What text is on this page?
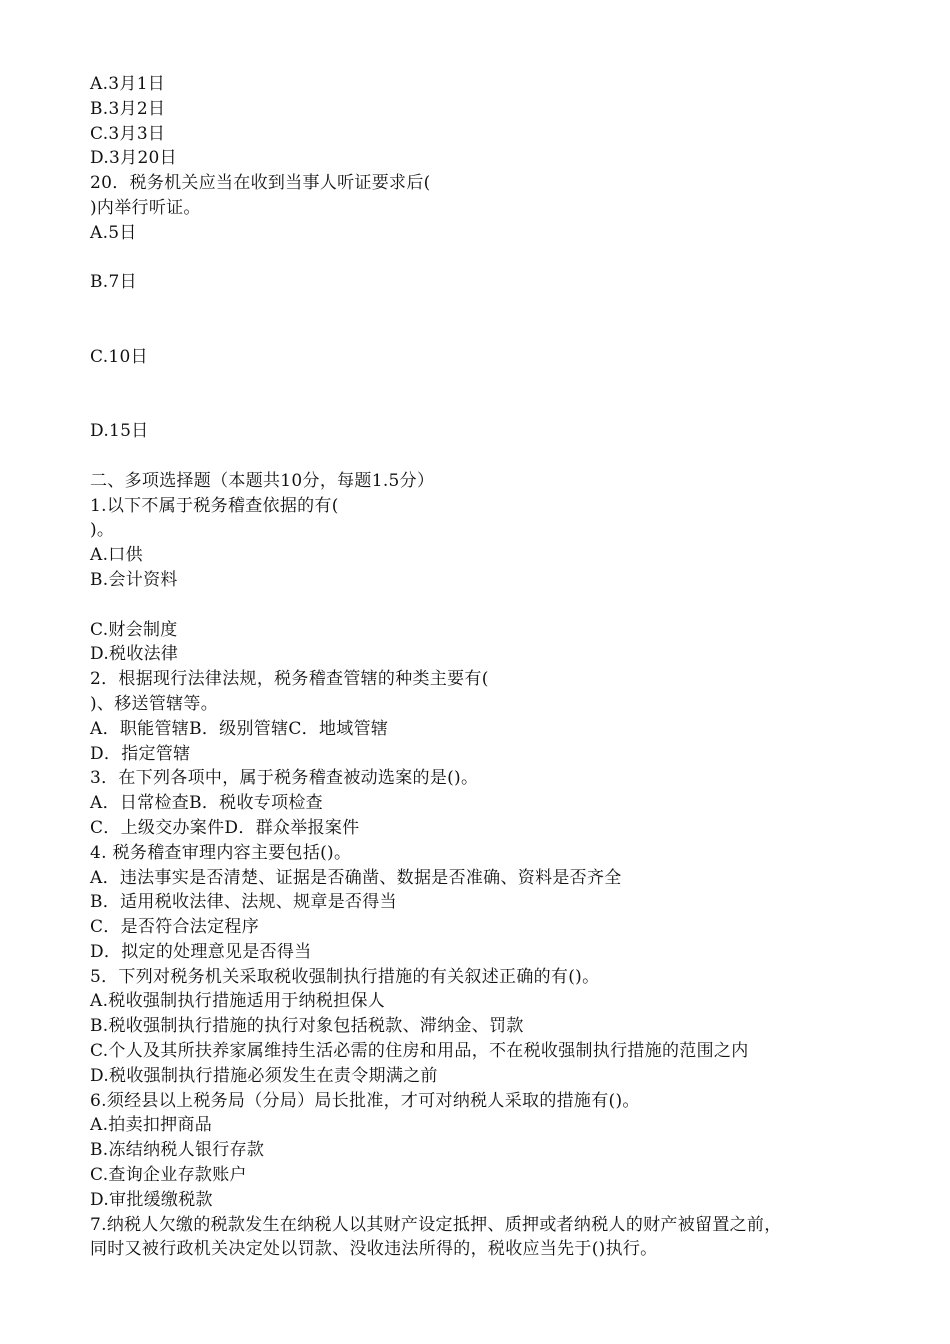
A.3月1日
B.3月2日
C.3月3日
D.3月20日
20．税务机关应当在收到当事人听证要求后(
)内举行听证。
A.5日
B.7日
C.10日
D.15日
二、多项选择题（本题共10分，每题1.5分）
1.以下不属于税务稽查依据的有(
)。
A.口供
B.会计资料
C.财会制度
D.税收法律
2．根据现行法律法规，税务稽查管辖的种类主要有(
)、移送管辖等。
A．职能管辖B．级别管辖C．地域管辖
D．指定管辖
3．在下列各项中，属于税务稽查被动选案的是()。
A．日常检查B．税收专项检查
C．上级交办案件D．群众举报案件
4. 税务稽查审理内容主要包括()。
A．违法事实是否清楚、证据是否确凿、数据是否准确、资料是否齐全
B．适用税收法律、法规、规章是否得当
C．是否符合法定程序
D．拟定的处理意见是否得当
5．下列对税务机关采取税收强制执行措施的有关叙述正确的有()。
A.税收强制执行措施适用于纳税担保人
B.税收强制执行措施的执行对象包括税款、滞纳金、罚款
C.个人及其所扶养家属维持生活必需的住房和用品，不在税收强制执行措施的范围之内
D.税收强制执行措施必须发生在责令期满之前
6.须经县以上税务局（分局）局长批准，才可对纳税人采取的措施有()。
A.拍卖扣押商品
B.冻结纳税人银行存款
C.查询企业存款账户
D.审批缓缴税款
7.纳税人欠缴的税款发生在纳税人以其财产设定抵押、质押或者纳税人的财产被留置之前，
同时又被行政机关决定处以罚款、没收违法所得的，税收应当先于()执行。
